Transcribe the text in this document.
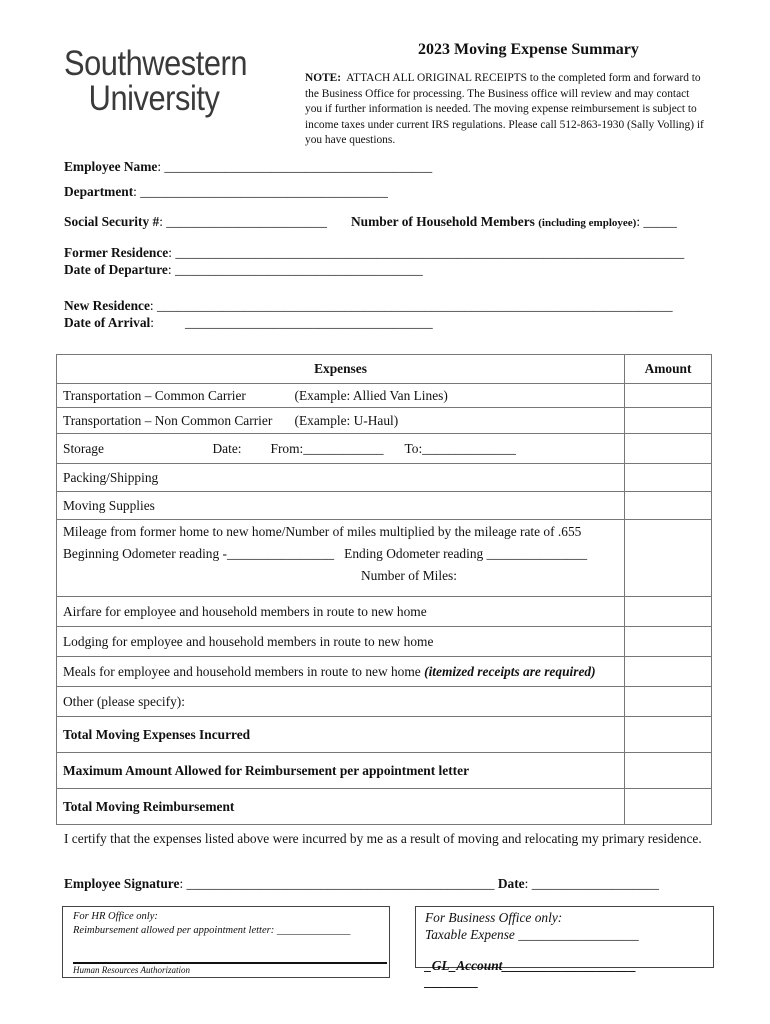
Southwestern
University
2023 Moving Expense Summary
NOTE: ATTACH ALL ORIGINAL RECEIPTS to the completed form and forward to the Business Office for processing. The Business office will review and may contact you if further information is needed. The moving expense reimbursement is subject to income taxes under current IRS regulations. Please call 512-863-1930 (Sally Volling) if you have questions.
Employee Name: ________________________________________
Department: _____________________________________
Social Security #: ________________________ Number of Household Members (including employee): _____
Former Residence: ____________________________________________________________________________
Date of Departure: _____________________________________
New Residence: _____________________________________________________________________________
Date of Arrival: _____________________________________
Expenses	Amount
Transportation – Common Carrier (Example: Allied Van Lines)	

Transportation – Non Common Carrier (Example: U-Haul)	

Storage Date: From:____________ To:______________	

Packing/Shipping	
Moving Supplies	

Mileage from former home to new home/Number of miles multiplied by the mileage rate of .655
Beginning Odometer reading -________________ Ending Odometer reading _______________
Number of Miles:	

Airfare for employee and household members in route to new home	
Lodging for employee and household members in route to new home	
Meals for employee and household members in route to new home (itemized receipts are required)	
Other (please specify):	
Total Moving Expenses Incurred	
Maximum Amount Allowed for Reimbursement per appointment letter	
Total Moving Reimbursement	
I certify that the expenses listed above were incurred by me as a result of moving and relocating my primary residence.
Employee Signature: ______________________________________________ Date: ___________________
For HR Office only:
Reimbursement allowed per appointment letter: ______________
Human Resources Authorization
For Business Office only:
Taxable Expense __________________
_GL_Account____________________
________
